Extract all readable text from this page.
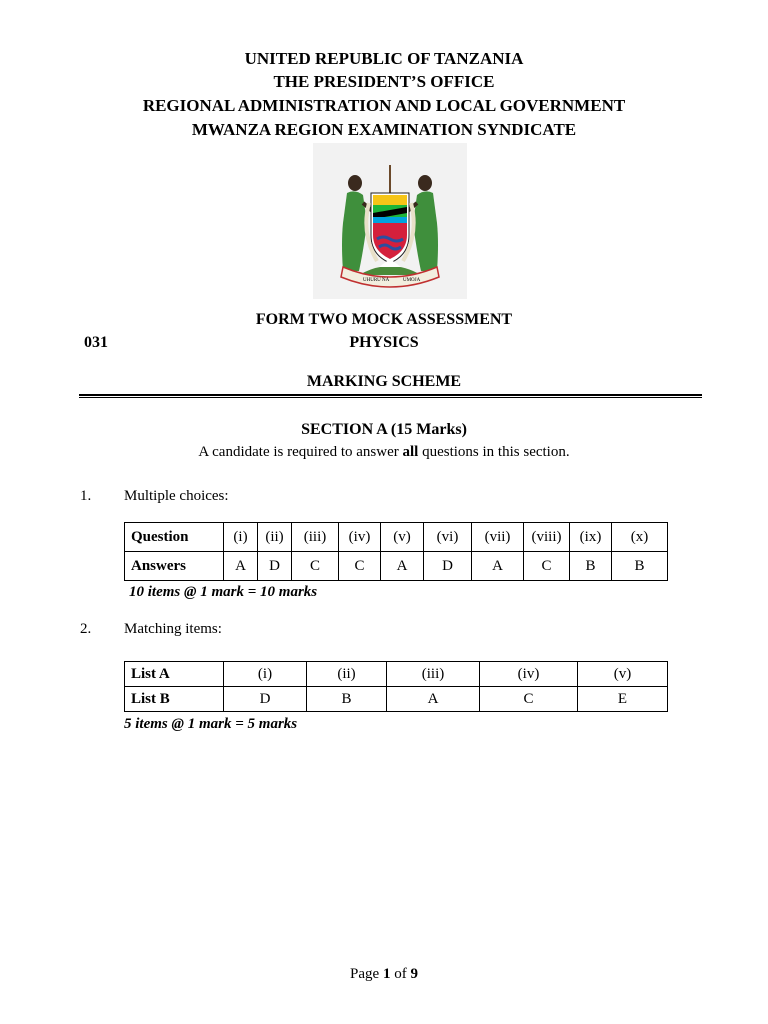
UNITED REPUBLIC OF TANZANIA
THE PRESIDENT’S OFFICE
REGIONAL ADMINISTRATION AND LOCAL GOVERNMENT
MWANZA REGION EXAMINATION SYNDICATE
UHURU NA	UMOJA
FORM TWO MOCK ASSESSMENT
031	PHYSICS
MARKING SCHEME
SECTION A (15 Marks)
A candidate is required to answer all questions in this section.
1. Multiple choices:
Question	(i)	(ii)	(iii)	(iv)	(v)	(vi)	(vii)	(viii)	(ix)	(x)
Answers	A	D	C	C	A	D	A	C	B	B
10 items @ 1 mark = 10 marks
2. Matching items:
List A	(i)	(ii)	(iii)	(iv)	(v)
List B	D	B	A	C	E
5 items @ 1 mark = 5 marks
Page 1 of 9
